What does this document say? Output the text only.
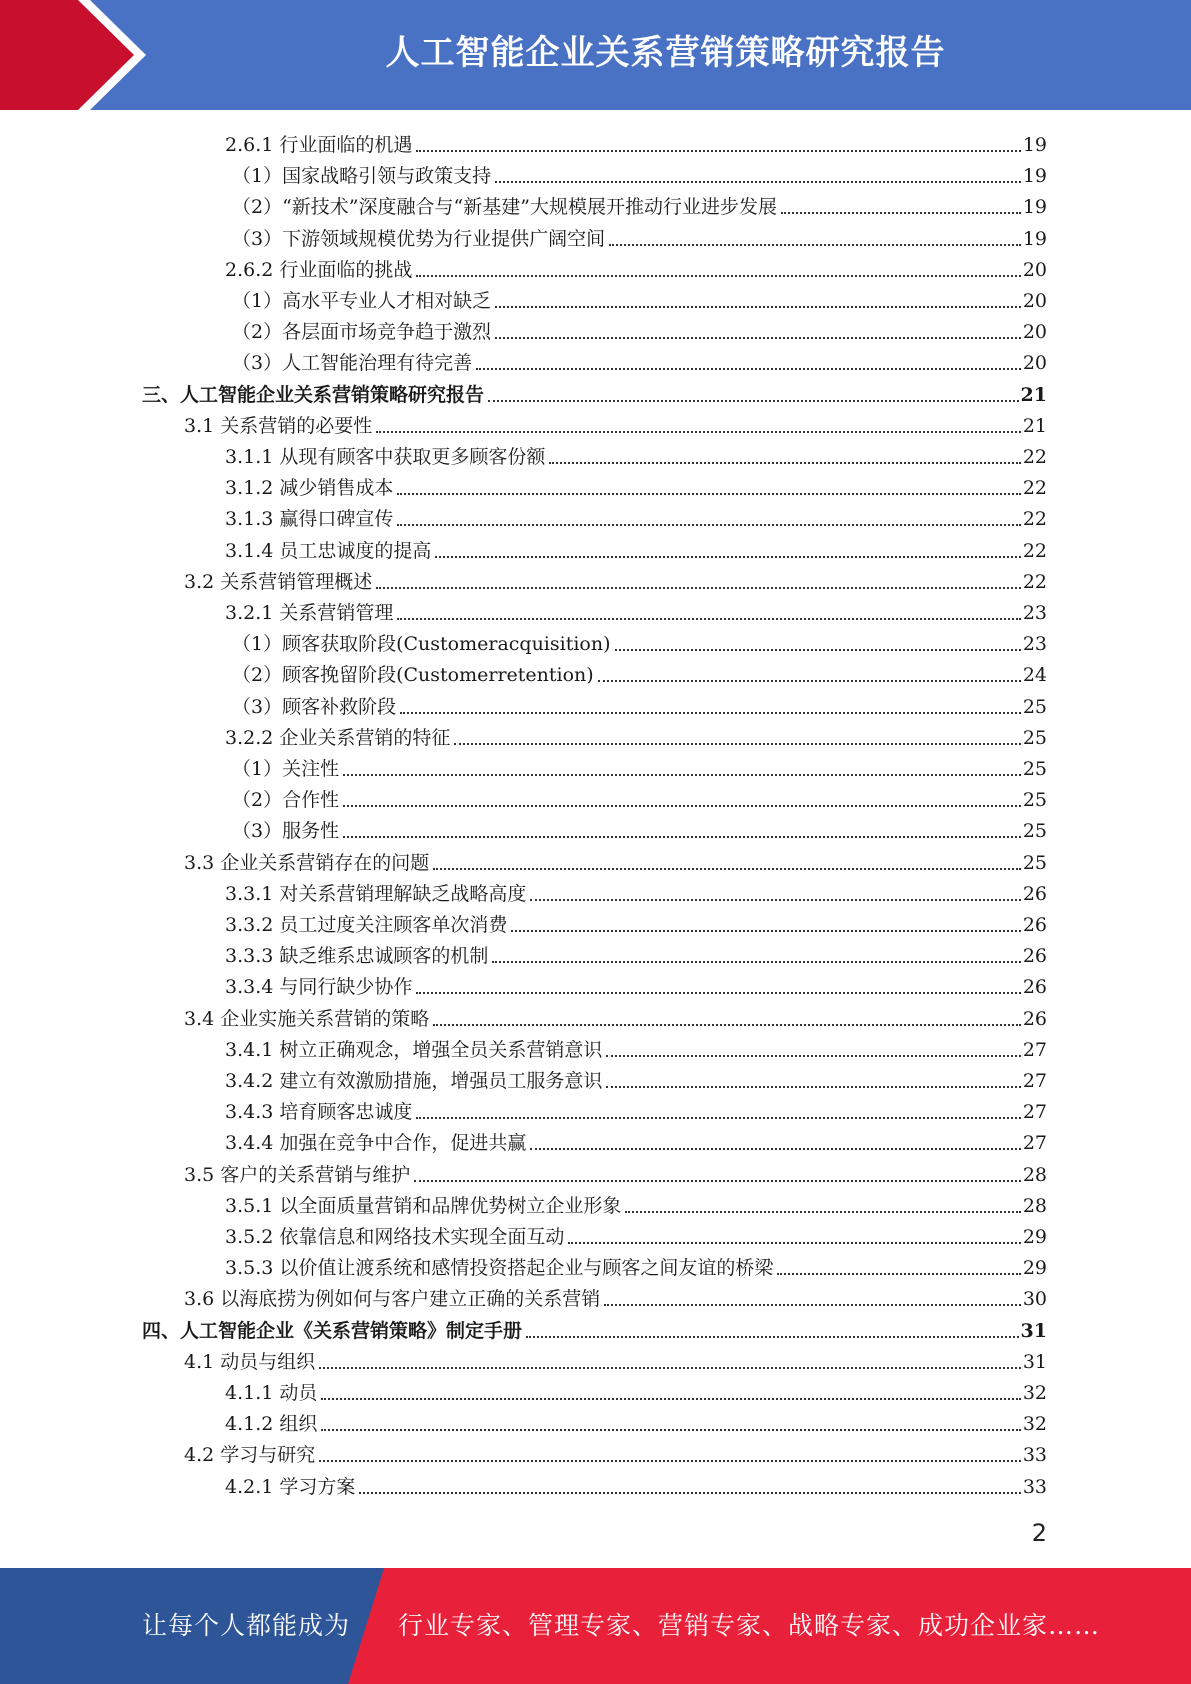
人工智能企业关系营销策略研究报告
2.6.1 行业面临的机遇	19
（1）国家战略引领与政策支持	19
（2）“新技术”深度融合与“新基建”大规模展开推动行业进步发展	19
（3）下游领域规模优势为行业提供广阔空间	19
2.6.2 行业面临的挑战	20
（1）高水平专业人才相对缺乏	20
（2）各层面市场竞争趋于激烈	20
（3）人工智能治理有待完善	20
三、人工智能企业关系营销策略研究报告	21
3.1 关系营销的必要性	21
3.1.1 从现有顾客中获取更多顾客份额	22
3.1.2 减少销售成本	22
3.1.3 赢得口碑宣传	22
3.1.4 员工忠诚度的提高	22
3.2 关系营销管理概述	22
3.2.1 关系营销管理	23
（1）顾客获取阶段(Customeracquisition)	23
（2）顾客挽留阶段(Customerretention)	24
（3）顾客补救阶段	25
3.2.2 企业关系营销的特征	25
（1）关注性	25
（2）合作性	25
（3）服务性	25
3.3 企业关系营销存在的问题	25
3.3.1 对关系营销理解缺乏战略高度	26
3.3.2 员工过度关注顾客单次消费	26
3.3.3 缺乏维系忠诚顾客的机制	26
3.3.4 与同行缺少协作	26
3.4 企业实施关系营销的策略	26
3.4.1 树立正确观念，增强全员关系营销意识	27
3.4.2 建立有效激励措施，增强员工服务意识	27
3.4.3 培育顾客忠诚度	27
3.4.4 加强在竞争中合作，促进共赢	27
3.5 客户的关系营销与维护	28
3.5.1 以全面质量营销和品牌优势树立企业形象	28
3.5.2 依靠信息和网络技术实现全面互动	29
3.5.3 以价值让渡系统和感情投资搭起企业与顾客之间友谊的桥梁	29
3.6 以海底捞为例如何与客户建立正确的关系营销	30
四、人工智能企业《关系营销策略》制定手册	31
4.1 动员与组织	31
4.1.1 动员	32
4.1.2 组织	32
4.2 学习与研究	33
4.2.1 学习方案	33
2
让每个人都能成为 行业专家、管理专家、营销专家、战略专家、成功企业家……
